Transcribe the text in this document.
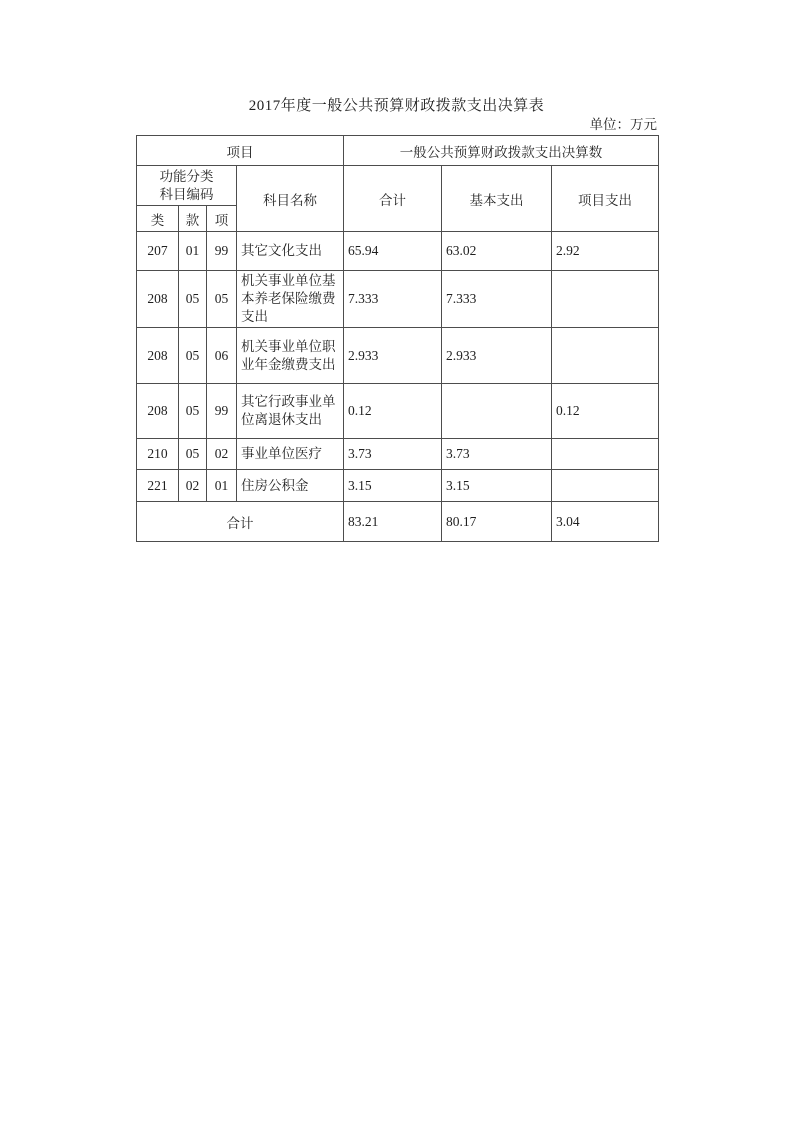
2017年度一般公共预算财政拨款支出决算表
单位：万元
项目				一般公共预算财政拨款支出决算数		

功能分类
科目编码			科目名称	合计	基本支出	项目支出
类	款	项				
207	01	99	其它文化支出	65.94	63.02	2.92
208	05	05	机关事业单位基本养老保险缴费支出	7.333	7.333	
208	05	06	机关事业单位职业年金缴费支出	2.933	2.933	
208	05	99	其它行政事业单位离退休支出	0.12		0.12
210	05	02	事业单位医疗	3.73	3.73	
221	02	01	住房公积金	3.15	3.15	
合计				83.21	80.17	3.04
